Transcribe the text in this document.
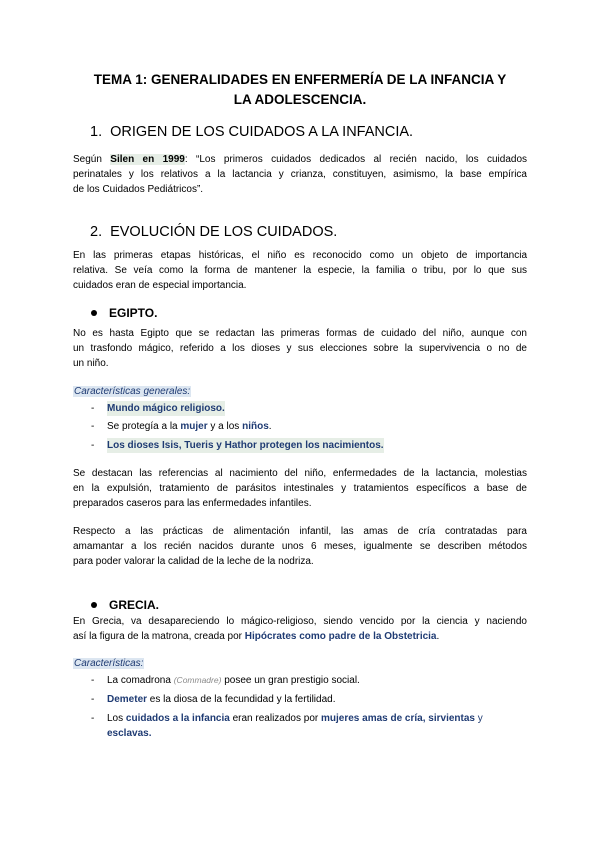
TEMA 1: GENERALIDADES EN ENFERMERÍA DE LA INFANCIA Y
LA ADOLESCENCIA.
1. ORIGEN DE LOS CUIDADOS A LA INFANCIA.
Según Silen en 1999: “Los primeros cuidados dedicados al recién nacido, los cuidados
perinatales y los relativos a la lactancia y crianza, constituyen, asimismo, la base empírica
de los Cuidados Pediátricos”.
2. EVOLUCIÓN DE LOS CUIDADOS.
En las primeras etapas históricas, el niño es reconocido como un objeto de importancia
relativa. Se veía como la forma de mantener la especie, la familia o tribu, por lo que sus
cuidados eran de especial importancia.
EGIPTO.
No es hasta Egipto que se redactan las primeras formas de cuidado del niño, aunque con
un trasfondo mágico, referido a los dioses y sus elecciones sobre la supervivencia o no de
un niño.
Características generales:
- Mundo mágico religioso.
- Se protegía a la mujer y a los niños.
- Los dioses Isis, Tueris y Hathor protegen los nacimientos.
Se destacan las referencias al nacimiento del niño, enfermedades de la lactancia, molestias
en la expulsión, tratamiento de parásitos intestinales y tratamientos específicos a base de
preparados caseros para las enfermedades infantiles.
Respecto a las prácticas de alimentación infantil, las amas de cría contratadas para
amamantar a los recién nacidos durante unos 6 meses, igualmente se describen métodos
para poder valorar la calidad de la leche de la nodriza.
GRECIA.
En Grecia, va desapareciendo lo mágico-religioso, siendo vencido por la ciencia y naciendo
así la figura de la matrona, creada por Hipócrates como padre de la Obstetricia.
Características:
- La comadrona (Commadre) posee un gran prestigio social.
- Demeter es la diosa de la fecundidad y la fertilidad.
- Los cuidados a la infancia eran realizados por mujeres amas de cría, sirvientas y
esclavas.
